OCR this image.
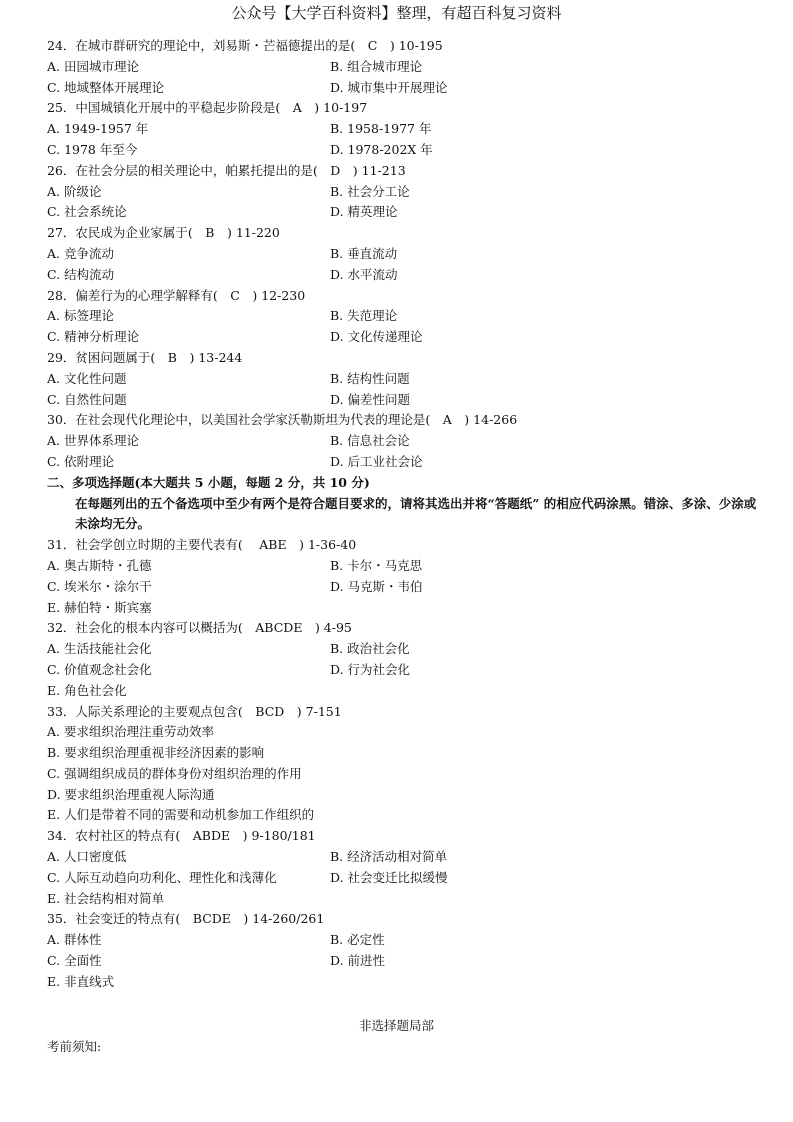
公众号【大学百科资料】整理，有超百科复习资料
24．在城市群研究的理论中，刘易斯・芒福德提出的是(　C　) 10-195
A. 田园城市理论	B. 组合城市理论
C. 地域整体开展理论	D. 城市集中开展理论
25．中国城镇化开展中的平稳起步阶段是(　A　) 10-197
A. 1949-1957 年	B. 1958-1977 年
C. 1978 年至今	D. 1978-202X 年
26．在社会分层的相关理论中，帕累托提出的是(　D　) 11-213
A. 阶级论	B. 社会分工论
C. 社会系统论	D. 精英理论
27．农民成为企业家属于(　B　) 11-220
A. 竞争流动	B. 垂直流动
C. 结构流动	D. 水平流动
28．偏差行为的心理学解释有(　C　) 12-230
A. 标签理论	B. 失范理论
C. 精神分析理论	D. 文化传递理论
29．贫困问题属于(　B　) 13-244
A. 文化性问题	B. 结构性问题
C. 自然性问题	D. 偏差性问题
30．在社会现代化理论中，以美国社会学家沃勒斯坦为代表的理论是(　A　) 14-266
A. 世界体系理论	B. 信息社会论
C. 依附理论	D. 后工业社会论
二、多项选择题(本大题共 5 小题，每题 2 分，共 10 分)
在每题列出的五个备选项中至少有两个是符合题目要求的，请将其选出并将“答题纸” 的相应代码涂黑。错涂、多涂、少涂或未涂均无分。
31．社会学创立时期的主要代表有(　 ABE　) 1-36-40
A. 奥古斯特・孔德	B. 卡尔・马克思
C. 埃米尔・涂尔干	D. 马克斯・韦伯
E. 赫伯特・斯宾塞
32．社会化的根本内容可以概括为(　ABCDE　) 4-95
A. 生活技能社会化	B. 政治社会化
C. 价值观念社会化	D. 行为社会化
E. 角色社会化
33．人际关系理论的主要观点包含(　BCD　) 7-151
A. 要求组织治理注重劳动效率
B. 要求组织治理重视非经济因素的影响
C. 强调组织成员的群体身份对组织治理的作用
D. 要求组织治理重视人际沟通
E. 人们是带着不同的需要和动机参加工作组织的
34．农村社区的特点有(　ABDE　) 9-180/181
A. 人口密度低	B. 经济活动相对简单
C. 人际互动趋向功利化、理性化和浅薄化	D. 社会变迁比拟缓慢
E. 社会结构相对简单
35．社会变迁的特点有(　BCDE　) 14-260/261
A. 群体性	B. 必定性
C. 全面性	D. 前进性
E. 非直线式
非选择题局部
考前须知:
